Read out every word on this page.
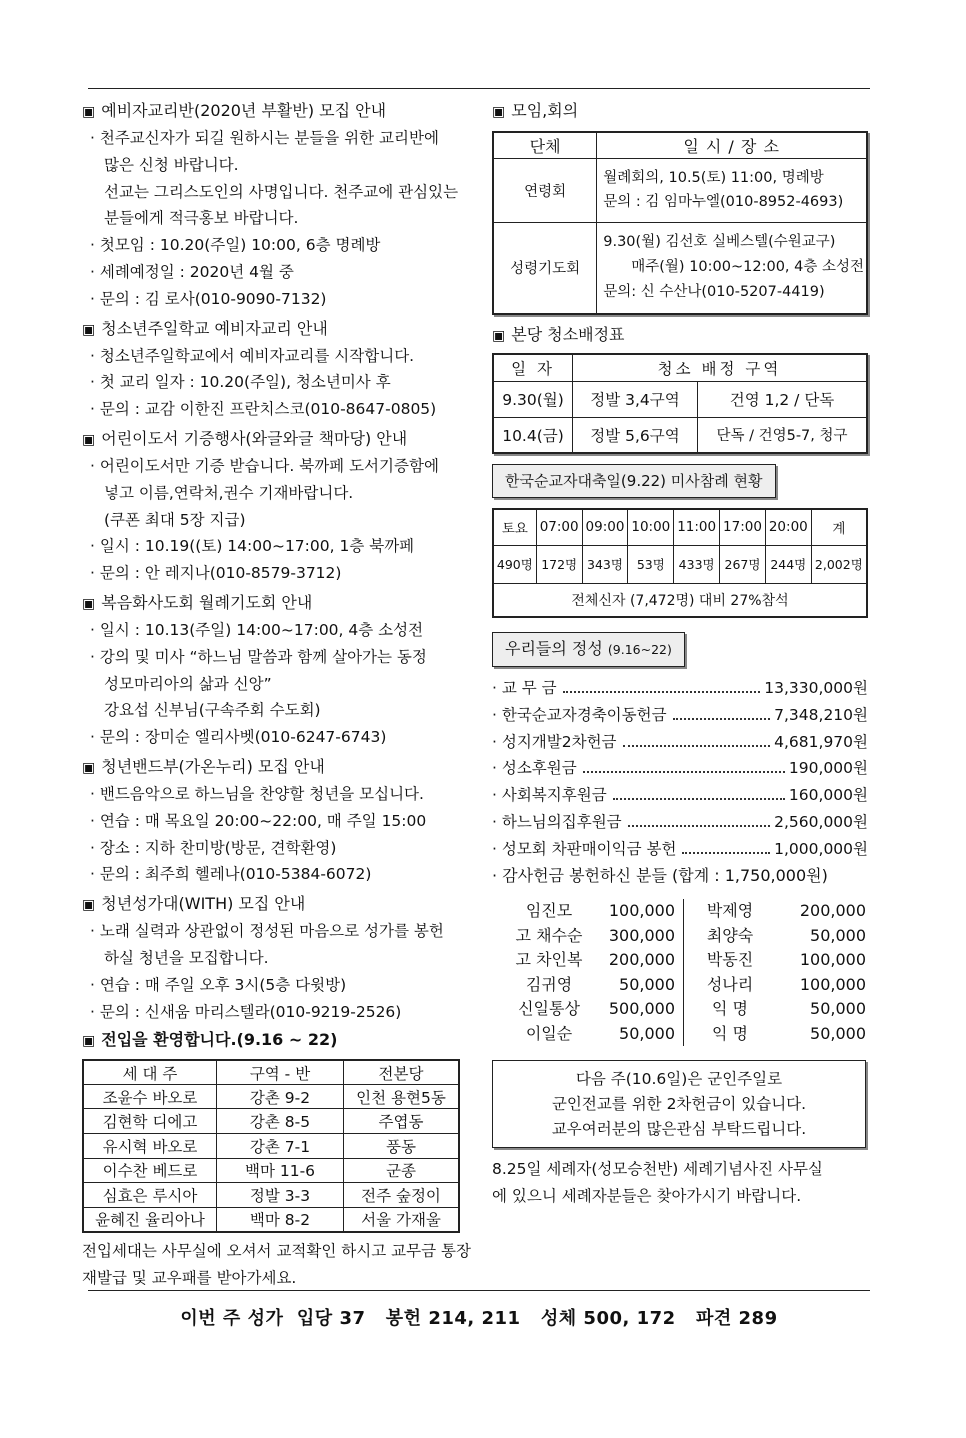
▣ 예비자교리반(2020년 부활반) 모집 안내
· 천주교신자가 되길 원하시는 분들을 위한 교리반에
많은 신청 바랍니다.
선교는 그리스도인의 사명입니다. 천주교에 관심있는
분들에게 적극홍보 바랍니다.
· 첫모임 : 10.20(주일) 10:00, 6층 명례방
· 세례예정일 : 2020년 4월 중
· 문의 : 김 로사(010-9090-7132)
▣ 청소년주일학교 예비자교리 안내
· 청소년주일학교에서 예비자교리를 시작합니다.
· 첫 교리 일자 : 10.20(주일), 청소년미사 후
· 문의 : 교감 이한진 프란치스코(010-8647-0805)
▣ 어린이도서 기증행사(와글와글 책마당) 안내
· 어린이도서만 기증 받습니다. 북까페 도서기증함에
넣고 이름,연락처,권수 기재바랍니다.
(쿠폰 최대 5장 지급)
· 일시 : 10.19((토) 14:00~17:00, 1층 북까페
· 문의 : 안 레지나(010-8579-3712)
▣ 복음화사도회 월례기도회 안내
· 일시 : 10.13(주일) 14:00~17:00, 4층 소성전
· 강의 및 미사 “하느님 말씀과 함께 살아가는 동정
성모마리아의 삶과 신앙”
강요섭 신부님(구속주회 수도회)
· 문의 : 장미순 엘리사벳(010-6247-6743)
▣ 청년밴드부(가온누리) 모집 안내
· 밴드음악으로 하느님을 찬양할 청년을 모십니다.
· 연습 : 매 목요일 20:00~22:00, 매 주일 15:00
· 장소 : 지하 찬미방(방문, 견학환영)
· 문의 : 최주희 헬레나(010-5384-6072)
▣ 청년성가대(WITH) 모집 안내
· 노래 실력과 상관없이 정성된 마음으로 성가를 봉헌
하실 청년을 모집합니다.
· 연습 : 매 주일 오후 3시(5층 다윗방)
· 문의 : 신새움 마리스텔라(010-9219-2526)
▣ 전입을 환영합니다.(9.16 ~ 22)
세 대 주	구역 - 반	전본당
조윤수 바오로	강촌 9-2	인천 용현5동
김현학 디에고	강촌 8-5	주엽동
유시혁 바오로	강촌 7-1	풍동
이수찬 베드로	백마 11-6	군종
심효은 루시아	정발 3-3	전주 숲정이
윤혜진 율리아나	백마 8-2	서울 가재울
전입세대는 사무실에 오셔서 교적확인 하시고 교무금 통장
재발급 및 교우패를 받아가세요.
▣ 모임,회의
단체	일 시 / 장 소
연령회	월례회의, 10.5(토) 11:00, 명례방
문의 : 김 임마누엘(010-8952-4693)

성령기도회	9.30(월) 김선호 실베스텔(수원교구)
매주(월) 10:00~12:00, 4층 소성전
문의: 신 수산나(010-5207-4419)
▣ 본당 청소배정표
일 자	청소 배정 구역	
9.30(월)	정발 3,4구역	건영 1,2 / 단독
10.4(금)	정발 5,6구역	단독 / 건영5-7, 청구
한국순교자대축일(9.22) 미사참례 현황
토요	07:00	09:00	10:00	11:00	17:00	20:00	계
490명	172명	343명	53명	433명	267명	244명	2,002명
전체신자 (7,472명) 대비 27%참석							
우리들의 정성 (9.16~22)
· 교 무 금	13,330,000원
· 한국순교자경축이동헌금	7,348,210원
· 성지개발2차헌금	4,681,970원
· 성소후원금	190,000원
· 사회복지후원금	160,000원
· 하느님의집후원금	2,560,000원
· 성모회 차판매이익금 봉헌	1,000,000원
· 감사헌금 봉헌하신 분들 (합계 : 1,750,000원)
임진모	100,000	박제영	200,000
고 채수순	300,000	최양숙	50,000
고 차인복	200,000	박동진	100,000
김귀영	50,000	성나리	100,000
신일통상	500,000	익 명	50,000
이일순	50,000	익 명	50,000
다음 주(10.6일)은 군인주일로
군인전교를 위한 2차헌금이 있습니다.
교우여러분의 많은관심 부탁드립니다.
8.25일 세례자(성모승천반) 세례기념사진 사무실
에 있으니 세례자분들은 찾아가시기 바랍니다.
이번 주 성가  입당 37   봉헌 214, 211   성체 500, 172   파견 289
